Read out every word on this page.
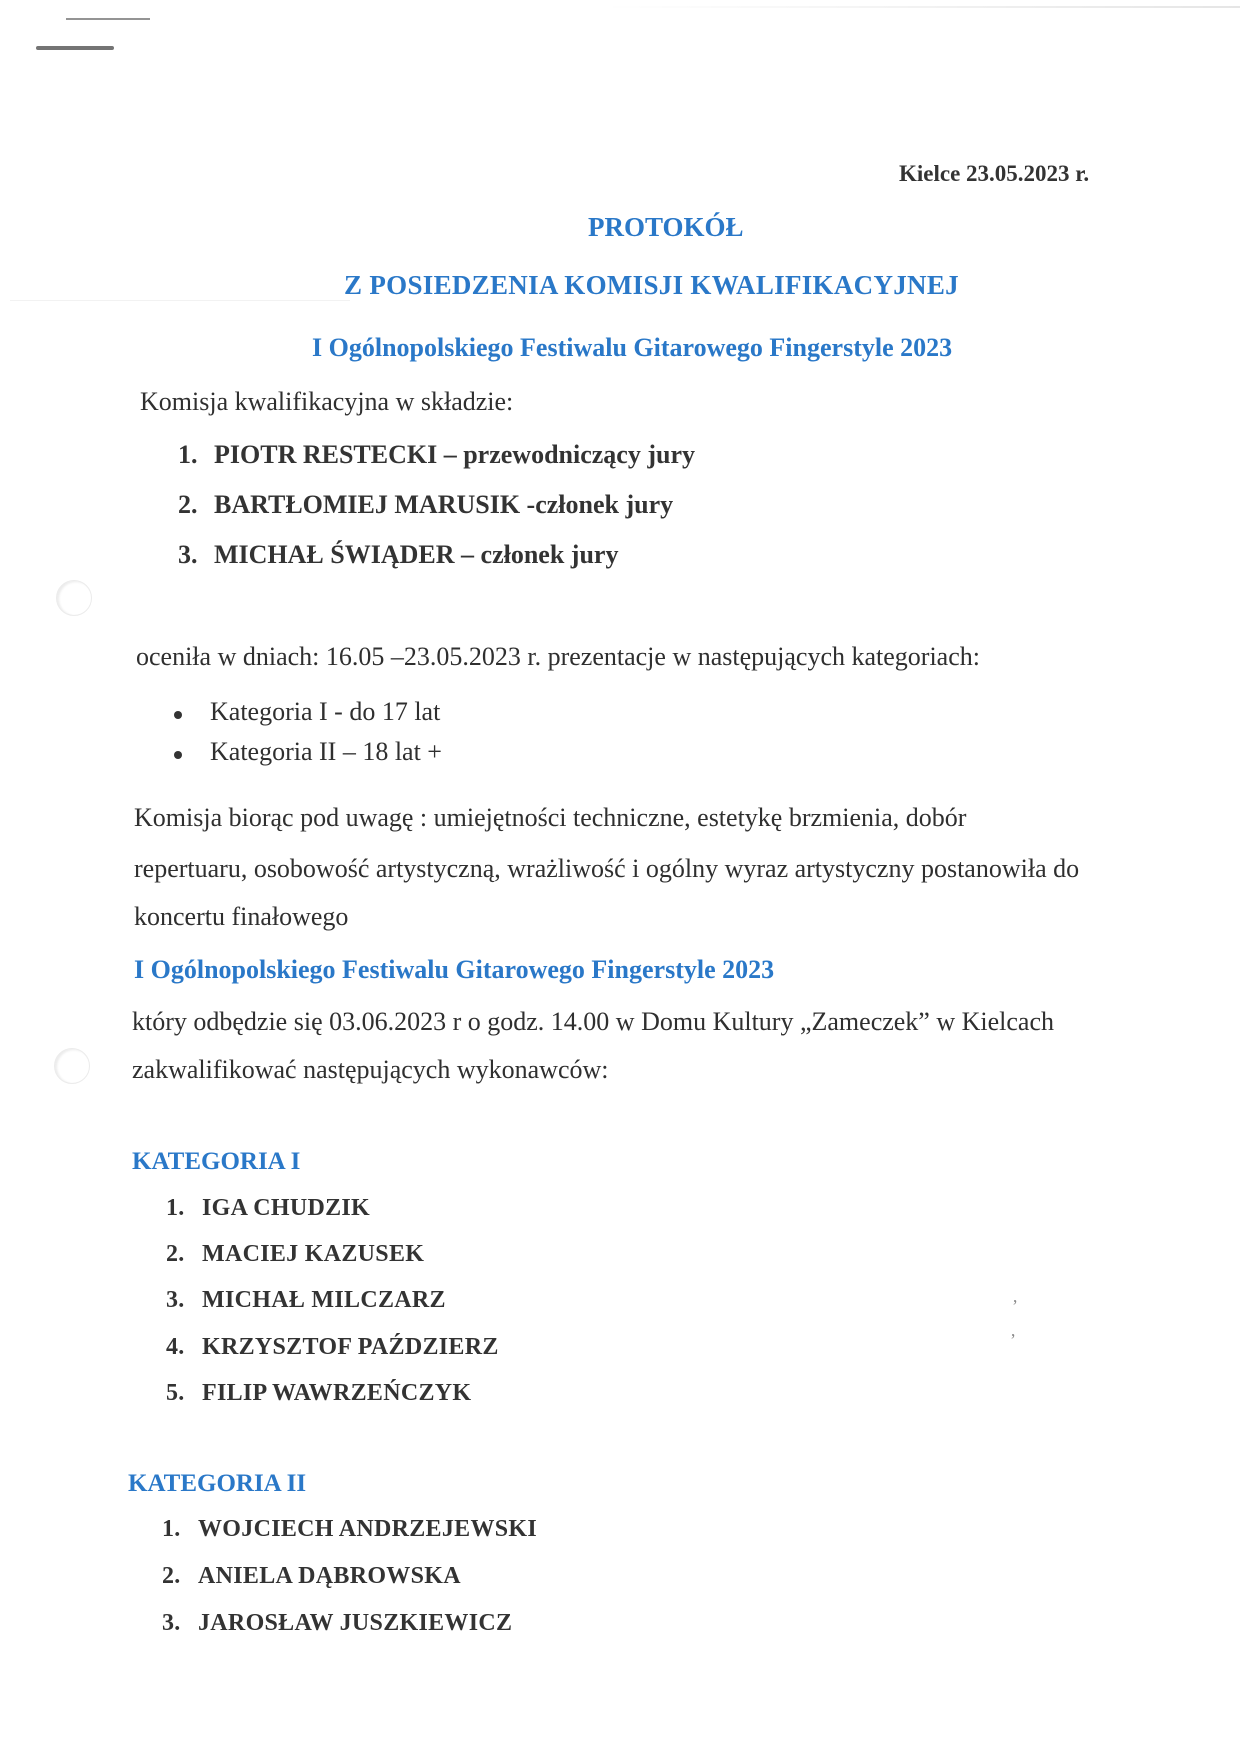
ʼ
ʼ
Kielce 23.05.2023 r.
PROTOKÓŁ
Z POSIEDZENIA KOMISJI KWALIFIKACYJNEJ
I Ogólnopolskiego Festiwalu Gitarowego Fingerstyle 2023
Komisja kwalifikacyjna w składzie:
1. PIOTR RESTECKI – przewodniczący jury
2. BARTŁOMIEJ MARUSIK -członek jury
3. MICHAŁ ŚWIĄDER – członek jury
oceniła w dniach: 16.05 –23.05.2023 r. prezentacje w następujących kategoriach:
Kategoria I - do 17 lat
Kategoria II – 18 lat +
Komisja biorąc pod uwagę : umiejętności techniczne, estetykę brzmienia, dobór
repertuaru, osobowość artystyczną, wrażliwość i ogólny wyraz artystyczny postanowiła do
koncertu finałowego
I Ogólnopolskiego Festiwalu Gitarowego Fingerstyle 2023
który odbędzie się 03.06.2023 r o godz. 14.00 w Domu Kultury „Zameczek” w Kielcach
zakwalifikować następujących wykonawców:
KATEGORIA I
1. IGA CHUDZIK
2. MACIEJ KAZUSEK
3. MICHAŁ MILCZARZ
4. KRZYSZTOF PAŹDZIERZ
5. FILIP WAWRZEŃCZYK
KATEGORIA II
1. WOJCIECH ANDRZEJEWSKI
2. ANIELA DĄBROWSKA
3. JAROSŁAW JUSZKIEWICZ
